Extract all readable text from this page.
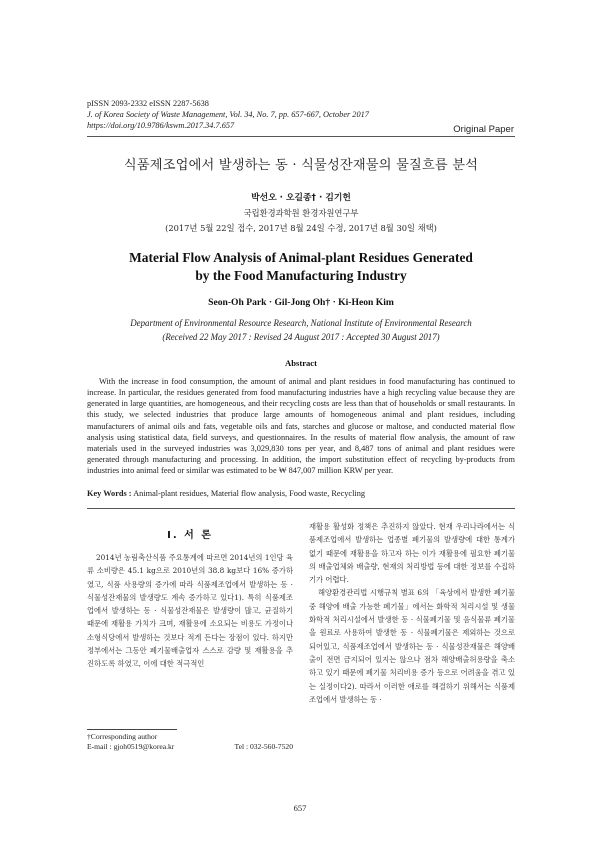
pISSN 2093-2332 eISSN 2287-5638
J. of Korea Society of Waste Management, Vol. 34, No. 7, pp. 657-667, October 2017
https://doi.org/10.9786/kswm.2017.34.7.657	Original Paper
식품제조업에서 발생하는 동 · 식물성잔재물의 물질흐름 분석
박선오 · 오길종† · 김기헌
국립환경과학원 환경자원연구부
(2017년 5월 22일 접수, 2017년 8월 24일 수정, 2017년 8월 30일 채택)
Material Flow Analysis of Animal-plant Residues Generated
by the Food Manufacturing Industry
Seon-Oh Park · Gil-Jong Oh† · Ki-Heon Kim
Department of Environmental Resource Research, National Institute of Environmental Research
(Received 22 May 2017 : Revised 24 August 2017 : Accepted 30 August 2017)
Abstract

With the increase in food consumption, the amount of animal and plant residues in food manufacturing has continued to increase. In particular, the residues generated from food manufacturing industries have a high recycling value because they are generated in large quantities, are homogeneous, and their recycling costs are less than that of households or small restaurants. In this study, we selected industries that produce large amounts of homogeneous animal and plant residues, including manufacturers of animal oils and fats, vegetable oils and fats, starches and glucose or maltose, and conducted material flow analysis using statistical data, field surveys, and questionnaires. In the results of material flow analysis, the amount of raw materials used in the surveyed industries was 3,029,830 tons per year, and 8,487 tons of animal and plant residues were generated through manufacturing and processing. In addition, the import substitution effect of recycling by-products from industries into animal feed or similar was estimated to be ₩ 847,007 million KRW per year.

Key Words : Animal-plant residues, Material flow analysis, Food waste, Recycling
I. 서 론

2014년 농림축산식품 주요통계에 따르면 2014년의 1인당 육류 소비량은 45.1 kg으로 2010년의 38.8 kg보다 16% 증가하였고, 식품 사용량의 증가에 따라 식품제조업에서 발생하는 동 · 식물성잔재물의 발생량도 계속 증가하고 있다1). 특히 식품제조업에서 발생하는 동 · 식물성잔재물은 발생량이 많고, 균질하기 때문에 재활용 가치가 크며, 재활용에 소요되는 비용도 가정이나 소형식당에서 발생하는 것보다 적게 든다는 장점이 있다. 하지만 정부에서는 그동안 폐기물배출업자 스스로 감량 및 재활용을 추진하도록 하였고, 이에 대한 적극적인

재활용 활성화 정책은 추진하지 않았다. 현재 우리나라에서는 식품제조업에서 발생하는 업종별 폐기물의 발생량에 대한 통계가 없기 때문에 재활용을 하고자 하는 이가 재활용에 필요한 폐기물의 배출업체와 배출량, 현재의 처리방법 등에 대한 정보를 수집하기가 어렵다.

해양환경관리법 시행규칙 별표 6의 「육상에서 발생한 폐기물 중 해양에 배출 가능한 폐기물」에서는 화학적 처리시설 및 생물화학적 처리시설에서 발생한 동 · 식물폐기물 및 음식물류 폐기물을 원료로 사용하여 발생한 동 · 식물폐기물은 제외하는 것으로 되어있고, 식품제조업에서 발생하는 동 · 식물성잔재물은 해양배출이 전면 금지되어 있지는 않으나 점차 해양배출허용량을 축소하고 있기 때문에 폐기물 처리비용 증가 등으로 어려움을 겪고 있는 실정이다2). 따라서 이러한 애로를 해결하기 위해서는 식품제조업에서 발생하는 동 ·

†Corresponding author
E-mail : gjoh0519@korea.kr	Tel : 032-560-7520
657
